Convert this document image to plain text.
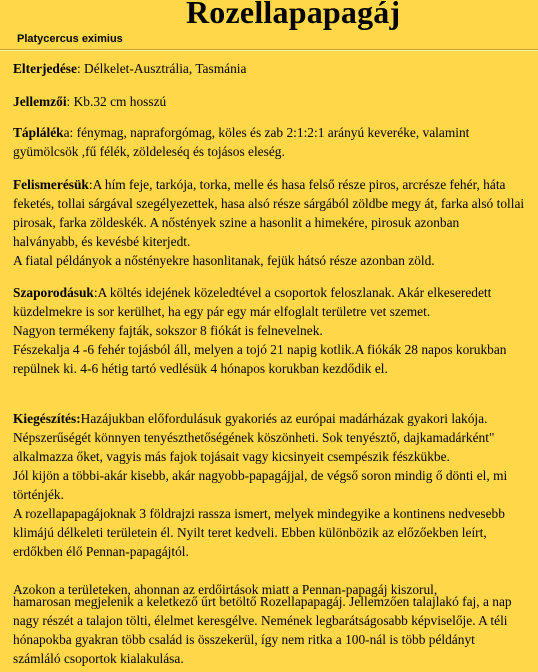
Rozellapapagáj
Platycercus eximius

Elterjedése: Délkelet-Ausztrália, Tasmánia

Jellemzői: Kb.32 cm hosszú

Tápláléka: fénymag, napraforgómag, köles és zab 2:1:2:1 arányú keveréke, valamint gyümölcsök ,fű félék, zöldeleséq és tojásos eleség.

Felismerésük:A hím feje, tarkója, torka, melle és hasa felső része piros, arcrésze fehér, háta feketés, tollai sárgával szegélyezettek, hasa alsó része sárgából zöldbe megy át, farka alsó tollai pirosak, farka zöldeskék. A nőstények szine a hasonlit a himekére, pirosuk azonban halványabb, és kevésbé kiterjedt.

A fiatal példányok a nőstényekre hasonlitanak, fejük hátsó része azonban zöld.

Szaporodásuk:A költés idejének közeledtével a csoportok feloszlanak. Akár elkeseredett küzdelmekre is sor kerülhet, ha egy pár egy már elfoglalt területre vet szemet.

Nagyon termékeny fajták, sokszor 8 fiókát is felnevelnek.

Fészekalja 4 -6 fehér tojásból áll, melyen a tojó 21 napig kotlik.A fiókák 28 napos korukban repülnek ki. 4-6 hétig tartó vedlésük 4 hónapos korukban kezdődik el.

Kiegészítés:Hazájukban előfordulásuk gyakoriés az európai madárházak gyakori lakója. Népszerűségét könnyen tenyészthetőségének köszönheti. Sok tenyésztő, dajkamadárként" alkalmazza őket, vagyis más fajok tojásait vagy kicsinyeit csempészik fészkükbe.

Jól kijön a többi-akár kisebb, akár nagyobb-papagájjal, de végső soron mindig ő dönti el, mi történjék.

A rozellapapagájoknak 3 földrajzi rassza ismert, melyek mindegyike a kontinens nedvesebb klimájú délkeleti területein él. Nyilt teret kedveli. Ebben különbözik az előzőekben leírt, erdőkben élő Pennan-papagájtól.

Azokon a területeken, ahonnan az erdőirtások miatt a Pennan-papagáj kiszorul,
hamarosan megjelenik a keletkező űrt betöltő Rozellapapagáj. Jellemzően talajlakó faj, a nap nagy részét a talajon tölti, élelmet keresgélve. Nemének legbarátságosabb képviselője. A téli hónapokba gyakran több család is összekerül, így nem ritka a 100-nál is több példányt számláló csoportok kialakulása.
